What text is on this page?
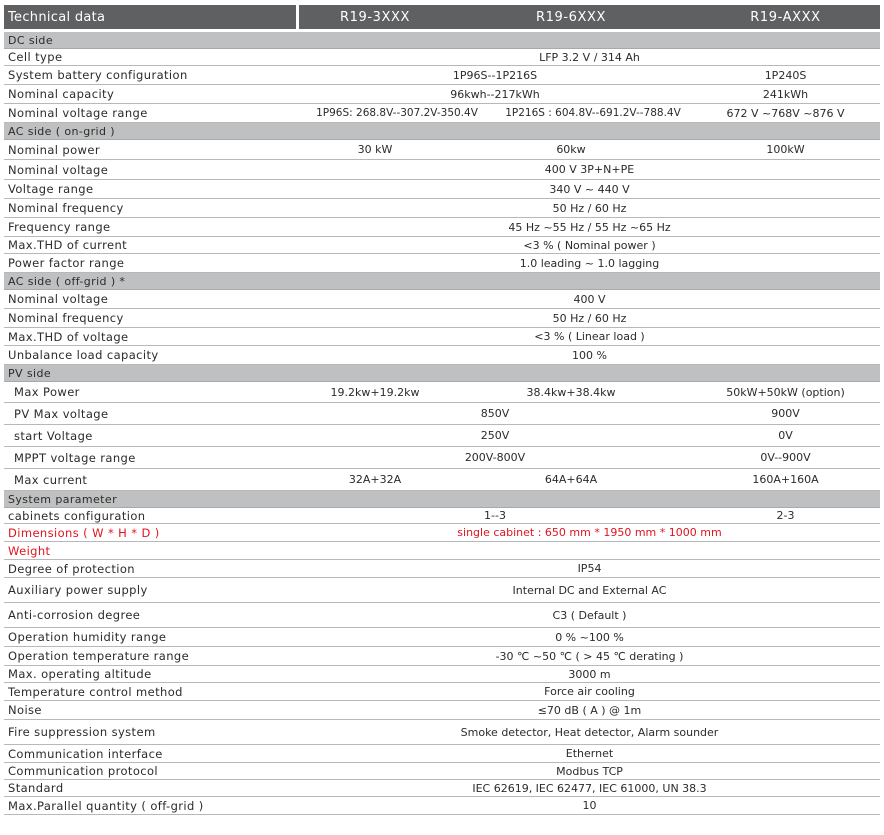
Technical data	R19-3XXX	R19-6XXX	R19-AXXX
DC side
Cell type	LFP 3.2 V / 314 Ah
System battery configuration	1P96S--1P216S	1P240S
Nominal capacity	96kwh--217kWh	241kWh
Nominal voltage range	1P96S: 268.8V--307.2V-350.4V	1P216S : 604.8V--691.2V--788.4V	672 V ~768V ~876 V
AC side ( on-grid )
Nominal power	30 kW	60kw	100kW
Nominal voltage	400 V 3P+N+PE
Voltage range	340 V ~ 440 V
Nominal frequency	50 Hz / 60 Hz
Frequency range	45 Hz ~55 Hz / 55 Hz ~65 Hz
Max.THD of current	<3 % ( Nominal power )
Power factor range	1.0 leading ~ 1.0 lagging
AC side ( off-grid ) *
Nominal voltage	400 V
Nominal frequency	50 Hz / 60 Hz
Max.THD of voltage	<3 % ( Linear load )
Unbalance load capacity	100 %
PV side
Max Power	19.2kw+19.2kw	38.4kw+38.4kw	50kW+50kW (option)
PV Max voltage	850V	900V
start Voltage	250V	0V
MPPT voltage range	200V-800V	0V--900V
Max current	32A+32A	64A+64A	160A+160A
System parameter
cabinets configuration	1--3	2-3
Dimensions ( W * H * D )	single cabinet : 650 mm * 1950 mm * 1000 mm
Weight
Degree of protection	IP54
Auxiliary power supply	Internal DC and External AC
Anti-corrosion degree	C3 ( Default )
Operation humidity range	0 % ~100 %
Operation temperature range	-30 ℃ ~50 ℃ ( > 45 ℃ derating )
Max. operating altitude	3000 m
Temperature control method	Force air cooling
Noise	≤70 dB ( A ) @ 1m
Fire suppression system	Smoke detector, Heat detector, Alarm sounder
Communication interface	Ethernet
Communication protocol	Modbus TCP
Standard	IEC 62619, IEC 62477, IEC 61000, UN 38.3
Max.Parallel quantity ( off-grid )	10
